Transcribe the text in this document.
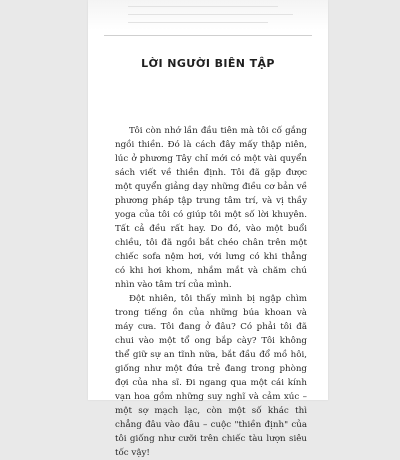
LỜI NGƯỜI BIÊN TẬP

Tôi còn nhớ lần đầu tiên mà tôi cố gắng ngồi thiền. Đó là cách đây mấy thập niên, lúc ở phương Tây chỉ mới có một vài quyển sách viết về thiền định. Tôi đã gặp được một quyển giảng dạy những điều cơ bản về phương pháp tập trung tâm trí, và vị thầy yoga của tôi có giúp tôi một số lời khuyên. Tất cả đều rất hay. Do đó, vào một buổi chiều, tôi đã ngồi bắt chéo chân trên một chiếc sofa nệm hơi, với lưng có khi thẳng có khi hơi khom, nhắm mắt và chăm chú nhìn vào tâm trí của mình.

Đột nhiên, tôi thấy mình bị ngập chìm trong tiếng ồn của những búa khoan và máy cưa. Tôi đang ở đâu? Có phải tôi đã chui vào một tổ ong bắp cày? Tôi không thể giữ sự an tĩnh nữa, bắt đầu đổ mồ hôi, giống như một đứa trẻ đang trong phòng đợi của nha sĩ. Đi ngang qua một cái kính vạn hoa gồm những suy nghĩ và cảm xúc – một sợ mạch lạc, còn một số khác thì chẳng đâu vào đâu – cuộc "thiền định" của tôi giống như cưỡi trên chiếc tàu lượn siêu tốc vậy!
